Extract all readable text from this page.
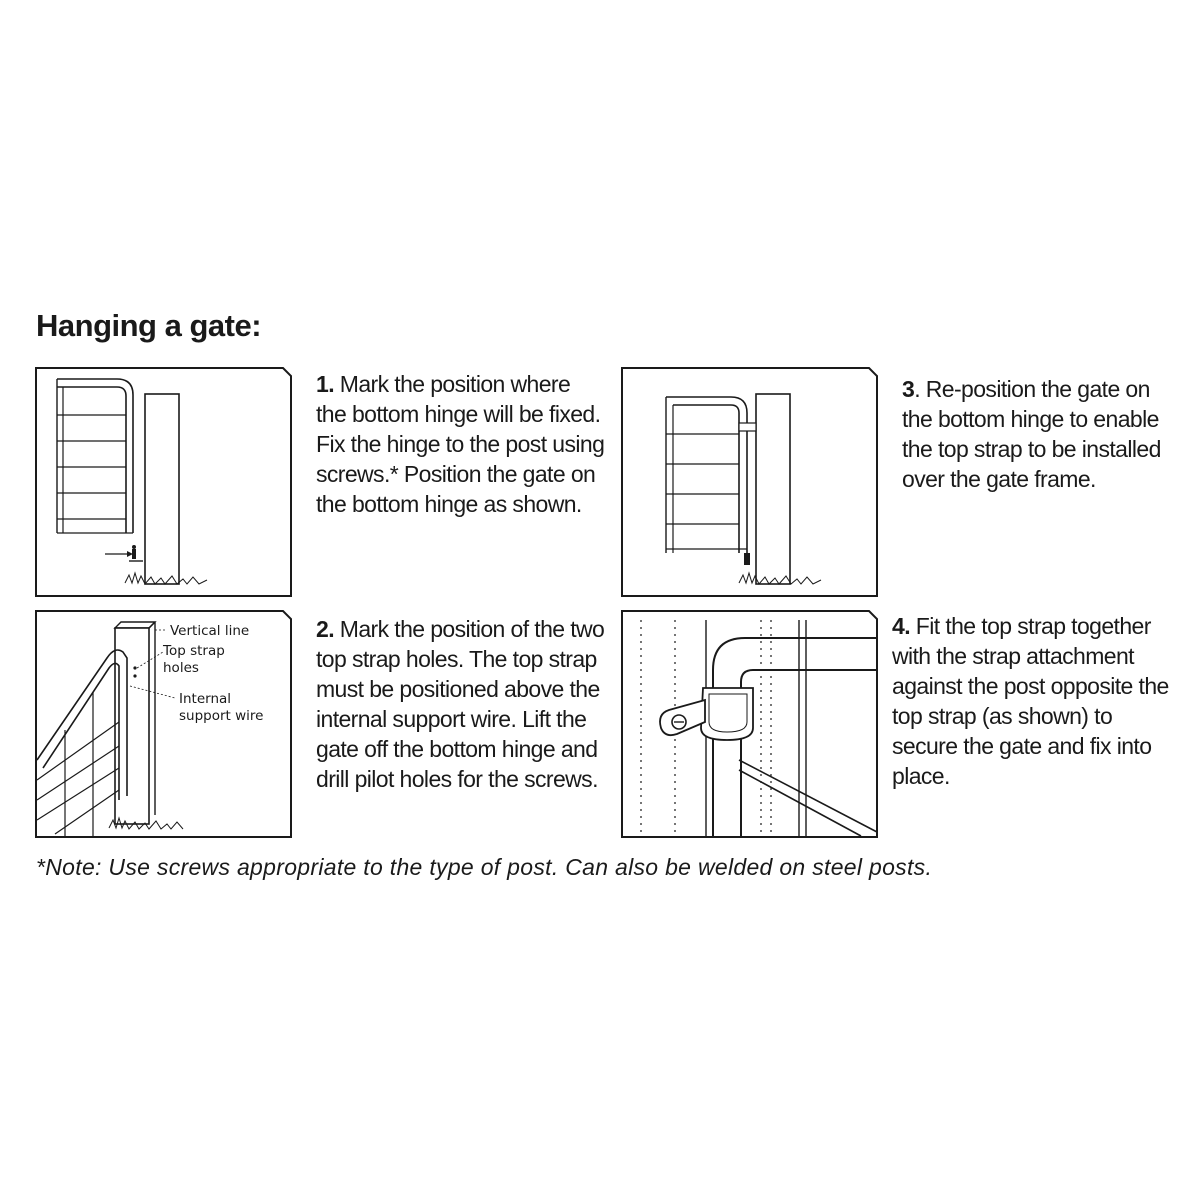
Hanging a gate:

1. Mark the position where the bottom hinge will be fixed. Fix the hinge to the post using screws.* Position the gate on the bottom hinge as shown.

3. Re-position the gate on the bottom hinge to enable the top strap to be installed over the gate frame.

Vertical line
Top strap
holes
Internal
support wire

2. Mark the position of the two top strap holes. The top strap must be positioned above the internal support wire. Lift the gate off the bottom hinge and drill pilot holes for the screws.

4. Fit the top strap together with the strap attachment against the post opposite the top strap (as shown) to secure the gate and fix into place.

*Note: Use screws appropriate to the type of post. Can also be welded on steel posts.
